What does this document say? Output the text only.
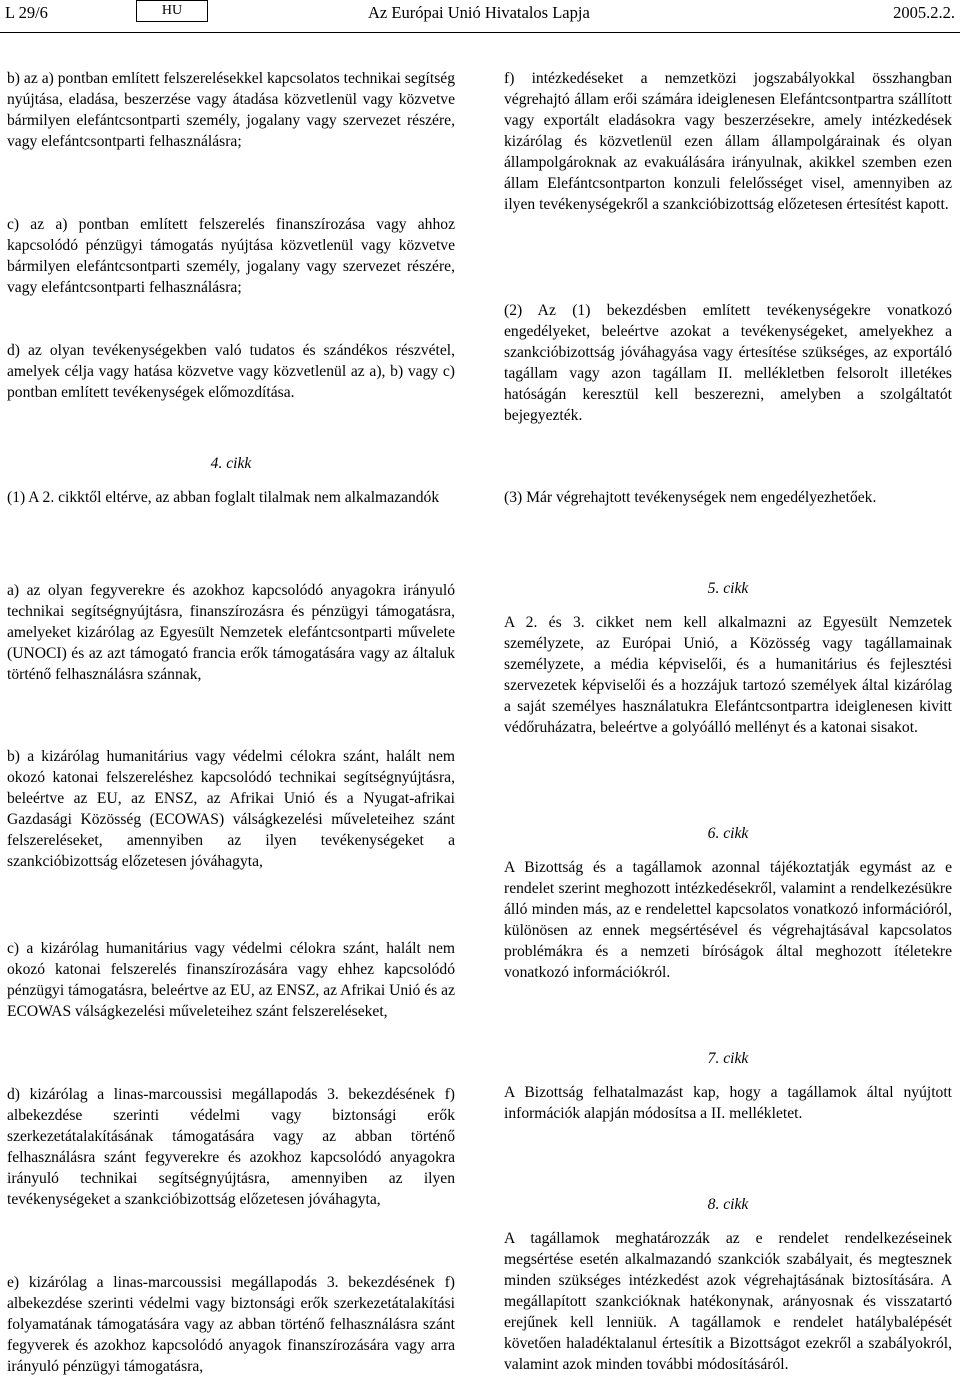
L 29/6	HU	Az Európai Unió Hivatalos Lapja	2005.2.2.

b) az a) pontban említett felszerelésekkel kapcsolatos technikai segítség nyújtása, eladása, beszerzése vagy átadása közvetlenül vagy közvetve bármilyen elefántcsontparti személy, jogalany vagy szervezet részére, vagy elefántcsontparti felhasználásra;

c) az a) pontban említett felszerelés finanszírozása vagy ahhoz kapcsolódó pénzügyi támogatás nyújtása közvetlenül vagy közvetve bármilyen elefántcsontparti személy, jogalany vagy szervezet részére, vagy elefántcsontparti felhasználásra;

d) az olyan tevékenységekben való tudatos és szándékos részvétel, amelyek célja vagy hatása közvetve vagy közvetlenül az a), b) vagy c) pontban említett tevékenységek előmozdítása.

f) intézkedéseket a nemzetközi jogszabályokkal összhangban végrehajtó állam erői számára ideiglenesen Elefántcsontpartra szállított vagy exportált eladásokra vagy beszerzésekre, amely intézkedések kizárólag és közvetlenül ezen állam állampolgárainak és olyan állampolgároknak az evakuálására irányulnak, akikkel szemben ezen állam Elefántcsontparton konzuli felelősséget visel, amennyiben az ilyen tevékenységekről a szankcióbizottság előzetesen értesítést kapott.

(2) Az (1) bekezdésben említett tevékenységekre vonatkozó engedélyeket, beleértve azokat a tevékenységeket, amelyekhez a szankcióbizottság jóváhagyása vagy értesítése szükséges, az exportáló tagállam vagy azon tagállam II. mellékletben felsorolt illetékes hatóságán keresztül kell beszerezni, amelyben a szolgáltatót bejegyezték.

4. cikk

(1) A 2. cikktől eltérve, az abban foglalt tilalmak nem alkalmazandók	(3) Már végrehajtott tevékenységek nem engedélyezhetőek.

a) az olyan fegyverekre és azokhoz kapcsolódó anyagokra irányuló technikai segítségnyújtásra, finanszírozásra és pénzügyi támogatásra, amelyeket kizárólag az Egyesült Nemzetek elefántcsontparti művelete (UNOCI) és az azt támogató francia erők támogatására vagy az általuk történő felhasználásra szánnak,

b) a kizárólag humanitárius vagy védelmi célokra szánt, halált nem okozó katonai felszereléshez kapcsolódó technikai segítségnyújtásra, beleértve az EU, az ENSZ, az Afrikai Unió és a Nyugat-afrikai Gazdasági Közösség (ECOWAS) válságkezelési műveleteihez szánt felszereléseket, amennyiben az ilyen tevékenységeket a szankcióbizottság előzetesen jóváhagyta,

c) a kizárólag humanitárius vagy védelmi célokra szánt, halált nem okozó katonai felszerelés finanszírozására vagy ehhez kapcsolódó pénzügyi támogatásra, beleértve az EU, az ENSZ, az Afrikai Unió és az ECOWAS válságkezelési műveleteihez szánt felszereléseket,

d) kizárólag a linas-marcoussisi megállapodás 3. bekezdésének f) albekezdése szerinti védelmi vagy biztonsági erők szerkezetátalakításának támogatására vagy az abban történő felhasználásra szánt fegyverekre és azokhoz kapcsolódó anyagokra irányuló technikai segítségnyújtásra, amennyiben az ilyen tevékenységeket a szankcióbizottság előzetesen jóváhagyta,

e) kizárólag a linas-marcoussisi megállapodás 3. bekezdésének f) albekezdése szerinti védelmi vagy biztonsági erők szerkezetátalakítási folyamatának támogatására vagy az abban történő felhasználásra szánt fegyverek és azokhoz kapcsolódó anyagok finanszírozására vagy arra irányuló pénzügyi támogatásra,

5. cikk

A 2. és 3. cikket nem kell alkalmazni az Egyesült Nemzetek személyzete, az Európai Unió, a Közösség vagy tagállamainak személyzete, a média képviselői, és a humanitárius és fejlesztési szervezetek képviselői és a hozzájuk tartozó személyek által kizárólag a saját személyes használatukra Elefántcsontpartra ideiglenesen kivitt védőruházatra, beleértve a golyóálló mellényt és a katonai sisakot.

6. cikk

A Bizottság és a tagállamok azonnal tájékoztatják egymást az e rendelet szerint meghozott intézkedésekről, valamint a rendelkezésükre álló minden más, az e rendelettel kapcsolatos vonatkozó információról, különösen az ennek megsértésével és végrehajtásával kapcsolatos problémákra és a nemzeti bíróságok által meghozott ítéletekre vonatkozó információkról.

7. cikk

A Bizottság felhatalmazást kap, hogy a tagállamok által nyújtott információk alapján módosítsa a II. mellékletet.

8. cikk

A tagállamok meghatározzák az e rendelet rendelkezéseinek megsértése esetén alkalmazandó szankciók szabályait, és megtesznek minden szükséges intézkedést azok végrehajtásának biztosítására. A megállapított szankcióknak hatékonynak, arányosnak és visszatartó erejűnek kell lenniük. A tagállamok e rendelet hatálybalépését követően haladéktalanul értesítik a Bizottságot ezekről a szabályokról, valamint azok minden további módosításáról.
